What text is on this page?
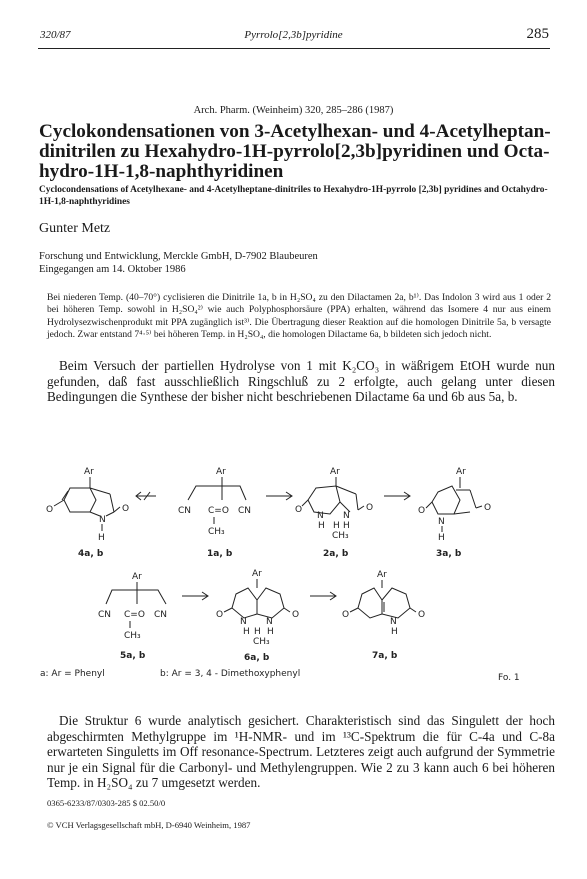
320/87	Pyrrolo[2,3b]pyridine	285
Arch. Pharm. (Weinheim) 320, 285–286 (1987)
Cyclokondensationen von 3-Acetylhexan- und 4-Acetylheptan-dinitrilen zu Hexahydro-1H-pyrrolo[2,3b]pyridinen und Octa-hydro-1H-1,8-naphthyridinen
Cyclocondensations of Acetylhexane- and 4-Acetylheptane-dinitriles to Hexahydro-1H-pyrrolo [2,3b] pyridines and Octahydro-1H-1,8-naphthyridines
Gunter Metz
Forschung und Entwicklung, Merckle GmbH, D-7902 Blaubeuren
Eingegangen am 14. Oktober 1986
Bei niederen Temp. (40–70°) cyclisieren die Dinitrile 1a, b in H₂SO₄ zu den Dilactamen 2a, b¹⁾. Das Indolon 3 wird aus 1 oder 2 bei höheren Temp. sowohl in H₂SO₄²⁾ wie auch Polyphosphorsäure (PPA) erhalten, während das Isomere 4 nur aus einem Hydrolysezwischenprodukt mit PPA zugänglich ist³⁾. Die Übertragung dieser Reaktion auf die homologen Dinitrile 5a, b versagte jedoch. Zwar entstand 7⁴·⁵⁾ bei höheren Temp. in H₂SO₄, die homologen Dilactame 6a, b bildeten sich jedoch nicht.
Beim Versuch der partiellen Hydrolyse von 1 mit K₂CO₃ in wäßrigem EtOH wurde nun gefunden, daß fast ausschließlich Ringschluß zu 2 erfolgte, auch gelang unter diesen Bedingungen die Synthese der bisher nicht beschriebenen Dilactame 6a und 6b aus 5a, b.
Ar
O
N
O
H
4a, b
Ar
CN C=O CN
CH₃
1a, b
Ar
O
N N
O
H H H
CH₃
2a, b
Ar
O
N
O
H
3a, b
Ar
CN C=O CN
CH₃
5a, b
Ar
O
N N
O
H H H
CH₃
6a, b
Ar
O
N
O
H
7a, b
a: Ar = Phenyl	b: Ar = 3, 4 - Dimethoxyphenyl	Fo. 1
Die Struktur 6 wurde analytisch gesichert. Charakteristisch sind das Singulett der hoch abgeschirmten Methylgruppe im ¹H-NMR- und im ¹³C-Spektrum die für C-4a und C-8a erwarteten Singuletts im Off resonance-Spectrum. Letzteres zeigt auch aufgrund der Symmetrie nur je ein Signal für die Carbonyl- und Methylengruppen. Wie 2 zu 3 kann auch 6 bei höheren Temp. in H₂SO₄ zu 7 umgesetzt werden.
0365-6233/87/0303-285 $ 02.50/0
© VCH Verlagsgesellschaft mbH, D-6940 Weinheim, 1987
